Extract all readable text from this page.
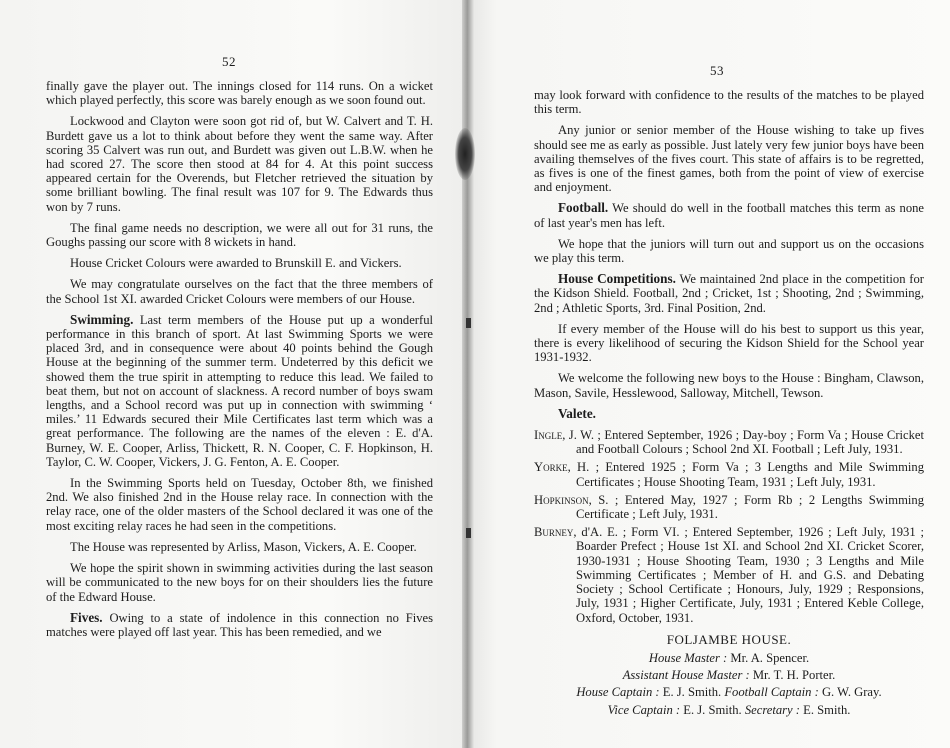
52

finally gave the player out. The innings closed for 114 runs. On a wicket which played perfectly, this score was barely enough as we soon found out.

Lockwood and Clayton were soon got rid of, but W. Calvert and T. H. Burdett gave us a lot to think about before they went the same way. After scoring 35 Calvert was run out, and Burdett was given out L.B.W. when he had scored 27. The score then stood at 84 for 4. At this point success appeared certain for the Overends, but Fletcher retrieved the situation by some brilliant bowling. The final result was 107 for 9. The Edwards thus won by 7 runs.

The final game needs no description, we were all out for 31 runs, the Goughs passing our score with 8 wickets in hand.

House Cricket Colours were awarded to Brunskill E. and Vickers.

We may congratulate ourselves on the fact that the three members of the School 1st XI. awarded Cricket Colours were members of our House.

Swimming. Last term members of the House put up a wonderful performance in this branch of sport. At last Swimming Sports we were placed 3rd, and in consequence were about 40 points behind the Gough House at the beginning of the summer term. Undeterred by this deficit we showed them the true spirit in attempting to reduce this lead. We failed to beat them, but not on account of slackness. A record number of boys swam lengths, and a School record was put up in connection with swimming ‘ miles.’ 11 Edwards secured their Mile Certificates last term which was a great performance. The following are the names of the eleven : E. d'A. Burney, W. E. Cooper, Arliss, Thickett, R. N. Cooper, C. F. Hopkinson, H. Taylor, C. W. Cooper, Vickers, J. G. Fenton, A. E. Cooper.

In the Swimming Sports held on Tuesday, October 8th, we finished 2nd. We also finished 2nd in the House relay race. In connection with the relay race, one of the older masters of the School declared it was one of the most exciting relay races he had seen in the competitions.

The House was represented by Arliss, Mason, Vickers, A. E. Cooper.

We hope the spirit shown in swimming activities during the last season will be communicated to the new boys for on their shoulders lies the future of the Edward House.

Fives. Owing to a state of indolence in this connection no Fives matches were played off last year. This has been remedied, and we

53

may look forward with confidence to the results of the matches to be played this term.

Any junior or senior member of the House wishing to take up fives should see me as early as possible. Just lately very few junior boys have been availing themselves of the fives court. This state of affairs is to be regretted, as fives is one of the finest games, both from the point of view of exercise and enjoyment.

Football. We should do well in the football matches this term as none of last year's men has left.

We hope that the juniors will turn out and support us on the occasions we play this term.

House Competitions. We maintained 2nd place in the competition for the Kidson Shield. Football, 2nd ; Cricket, 1st ; Shooting, 2nd ; Swimming, 2nd ; Athletic Sports, 3rd. Final Position, 2nd.

If every member of the House will do his best to support us this year, there is every likelihood of securing the Kidson Shield for the School year 1931-1932.

We welcome the following new boys to the House : Bingham, Clawson, Mason, Savile, Hesslewood, Salloway, Mitchell, Tewson.

Valete.

Ingle, J. W. ; Entered September, 1926 ; Day-boy ; Form Va ; House Cricket and Football Colours ; School 2nd XI. Football ; Left July, 1931.
Yorke, H. ; Entered 1925 ; Form Va ; 3 Lengths and Mile Swimming Certificates ; House Shooting Team, 1931 ; Left July, 1931.
Hopkinson, S. ; Entered May, 1927 ; Form Rb ; 2 Lengths Swimming Certificate ; Left July, 1931.
Burney, d'A. E. ; Form VI. ; Entered September, 1926 ; Left July, 1931 ; Boarder Prefect ; House 1st XI. and School 2nd XI. Cricket Scorer, 1930-1931 ; House Shooting Team, 1930 ; 3 Lengths and Mile Swimming Certificates ; Member of H. and G.S. and Debating Society ; School Certificate ; Honours, July, 1929 ; Responsions, July, 1931 ; Higher Certificate, July, 1931 ; Entered Keble College, Oxford, October, 1931.
FOLJAMBE HOUSE.
House Master : Mr. A. Spencer.
Assistant House Master : Mr. T. H. Porter.
House Captain : E. J. Smith. Football Captain : G. W. Gray.
Vice Captain : E. J. Smith. Secretary : E. Smith.
